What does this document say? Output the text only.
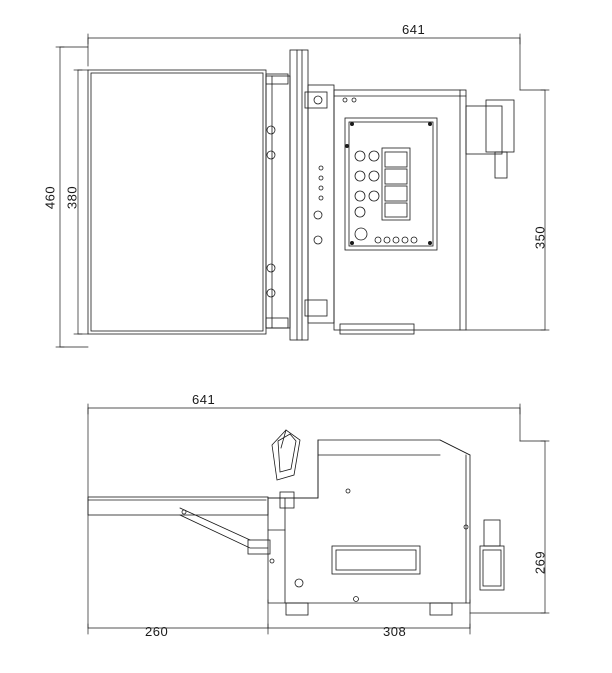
641
460 380
350
641
269
260	308
